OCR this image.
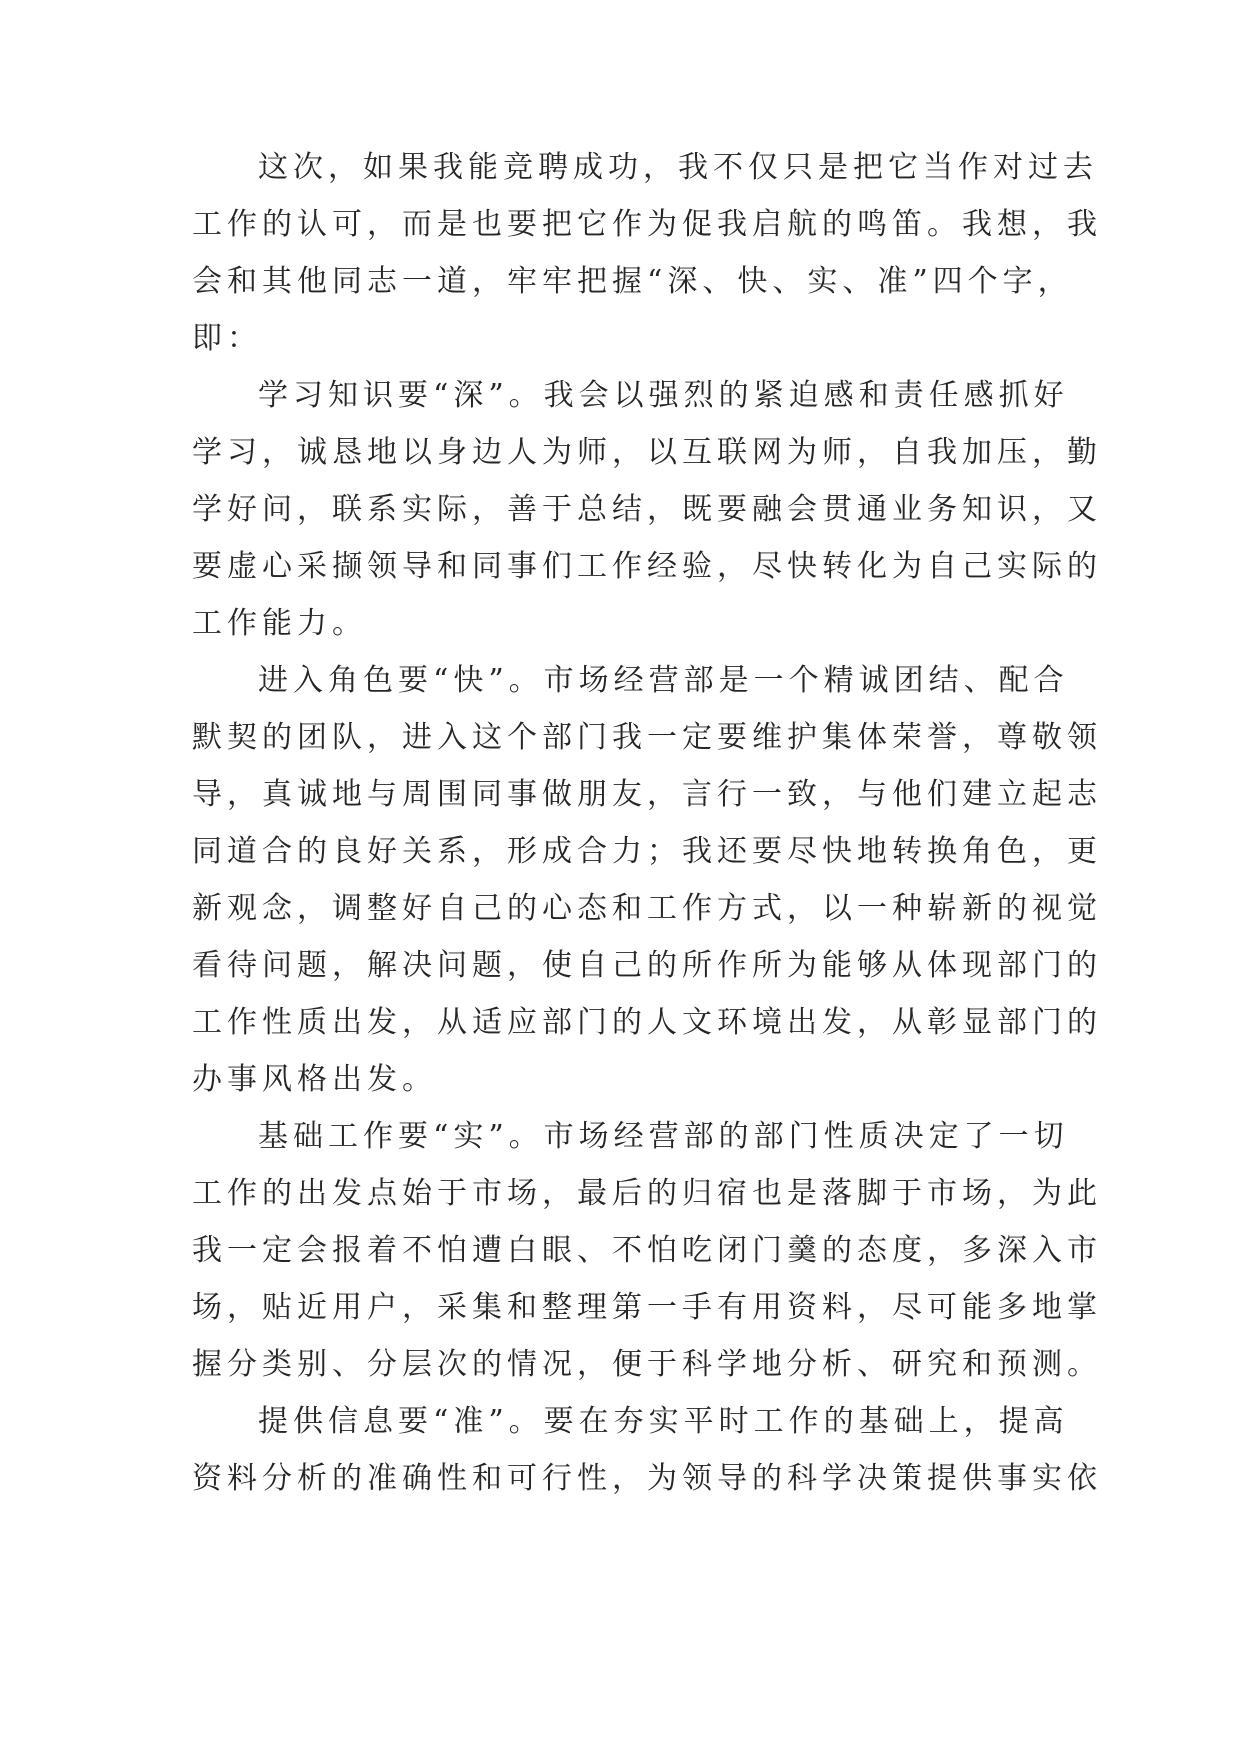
这次，如果我能竞聘成功，我不仅只是把它当作对过去
工作的认可，而是也要把它作为促我启航的鸣笛。我想，我
会和其他同志一道，牢牢把握“深、快、实、准”四个字，
即：
学习知识要“深”。我会以强烈的紧迫感和责任感抓好
学习，诚恳地以身边人为师，以互联网为师，自我加压，勤
学好问，联系实际，善于总结，既要融会贯通业务知识，又
要虚心采撷领导和同事们工作经验，尽快转化为自己实际的
工作能力。
进入角色要“快”。市场经营部是一个精诚团结、配合
默契的团队，进入这个部门我一定要维护集体荣誉，尊敬领
导，真诚地与周围同事做朋友，言行一致，与他们建立起志
同道合的良好关系，形成合力；我还要尽快地转换角色，更
新观念，调整好自己的心态和工作方式，以一种崭新的视觉
看待问题，解决问题，使自己的所作所为能够从体现部门的
工作性质出发，从适应部门的人文环境出发，从彰显部门的
办事风格出发。
基础工作要“实”。市场经营部的部门性质决定了一切
工作的出发点始于市场，最后的归宿也是落脚于市场，为此
我一定会报着不怕遭白眼、不怕吃闭门羹的态度，多深入市
场，贴近用户，采集和整理第一手有用资料，尽可能多地掌
握分类别、分层次的情况，便于科学地分析、研究和预测。
提供信息要“准”。要在夯实平时工作的基础上，提高
资料分析的准确性和可行性，为领导的科学决策提供事实依
